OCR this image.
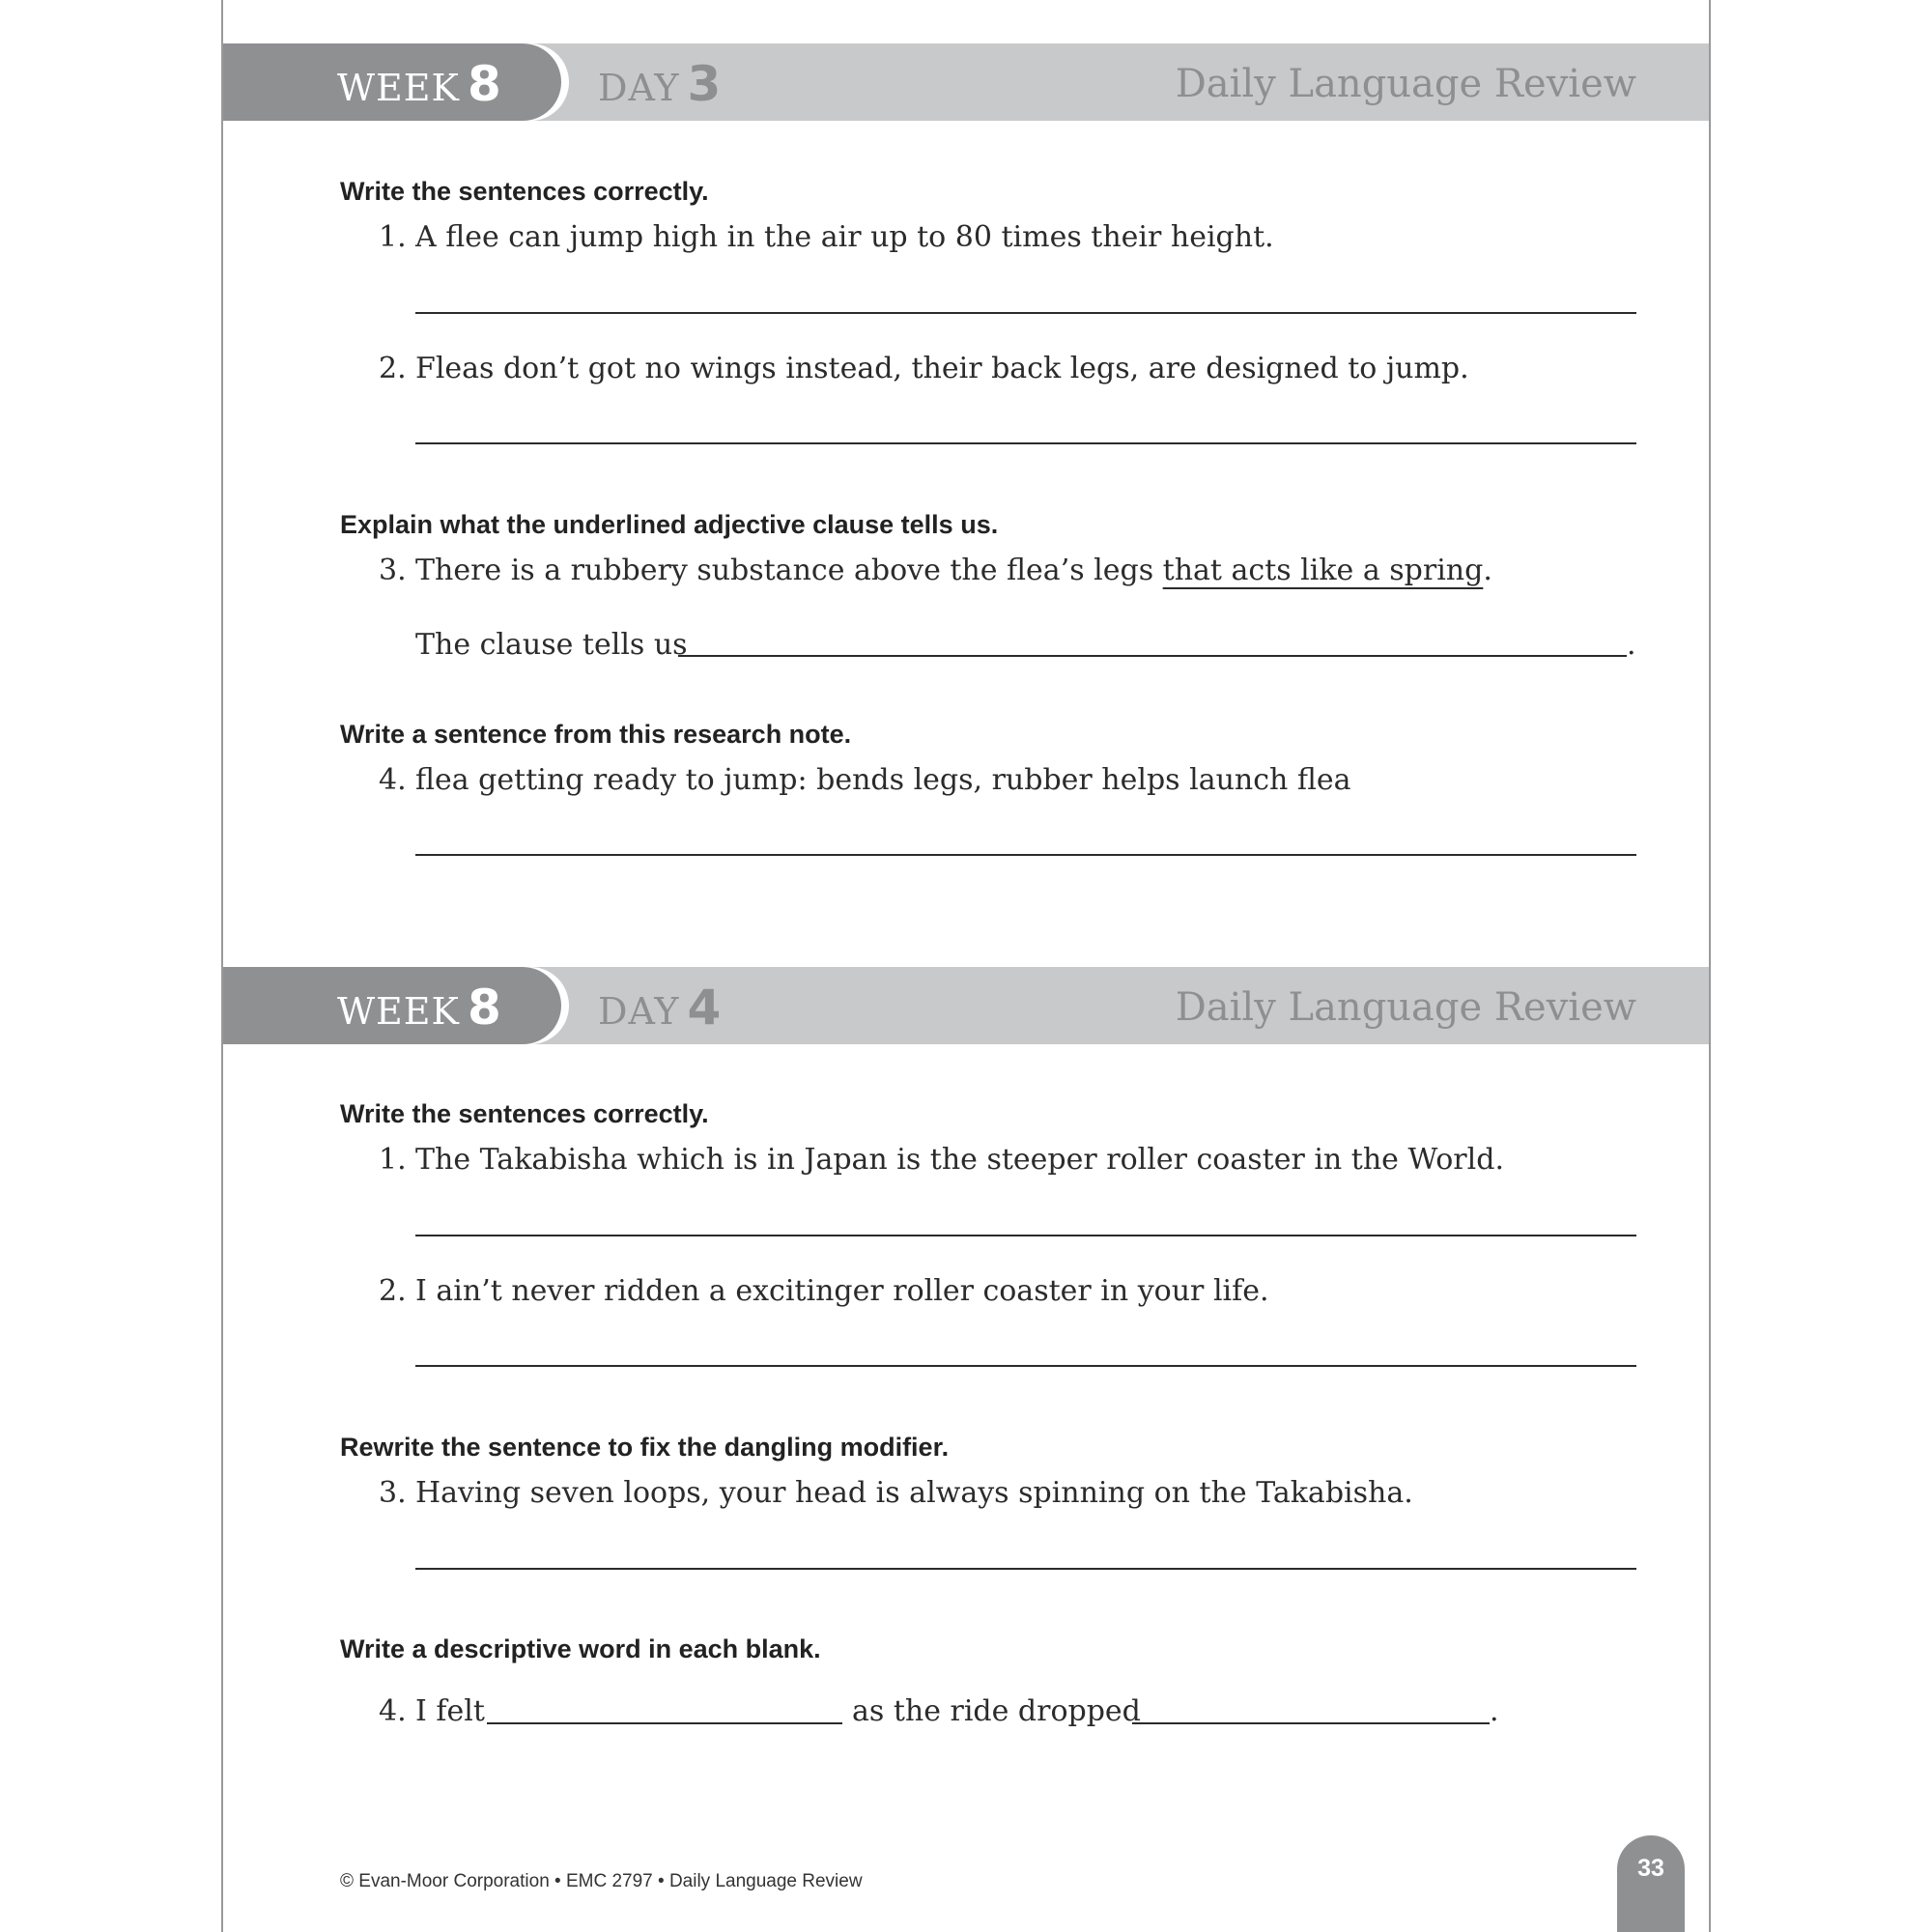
WEEK 8	DAY 3	Daily Language Review
Write the sentences correctly.
1. A flee can jump high in the air up to 80 times their height.
2. Fleas don’t got no wings instead, their back legs, are designed to jump.
Explain what the underlined adjective clause tells us.
3. There is a rubbery substance above the flea’s legs that acts like a spring.
The clause tells us	.
Write a sentence from this research note.
4. flea getting ready to jump: bends legs, rubber helps launch flea
WEEK 8	DAY 4	Daily Language Review
Write the sentences correctly.
1. The Takabisha which is in Japan is the steeper roller coaster in the World.
2. I ain’t never ridden a excitinger roller coaster in your life.
Rewrite the sentence to fix the dangling modifier.
3. Having seven loops, your head is always spinning on the Takabisha.
Write a descriptive word in each blank.
4. I felt	as the ride dropped	.
© Evan-Moor Corporation • EMC 2797 • Daily Language Review	33
